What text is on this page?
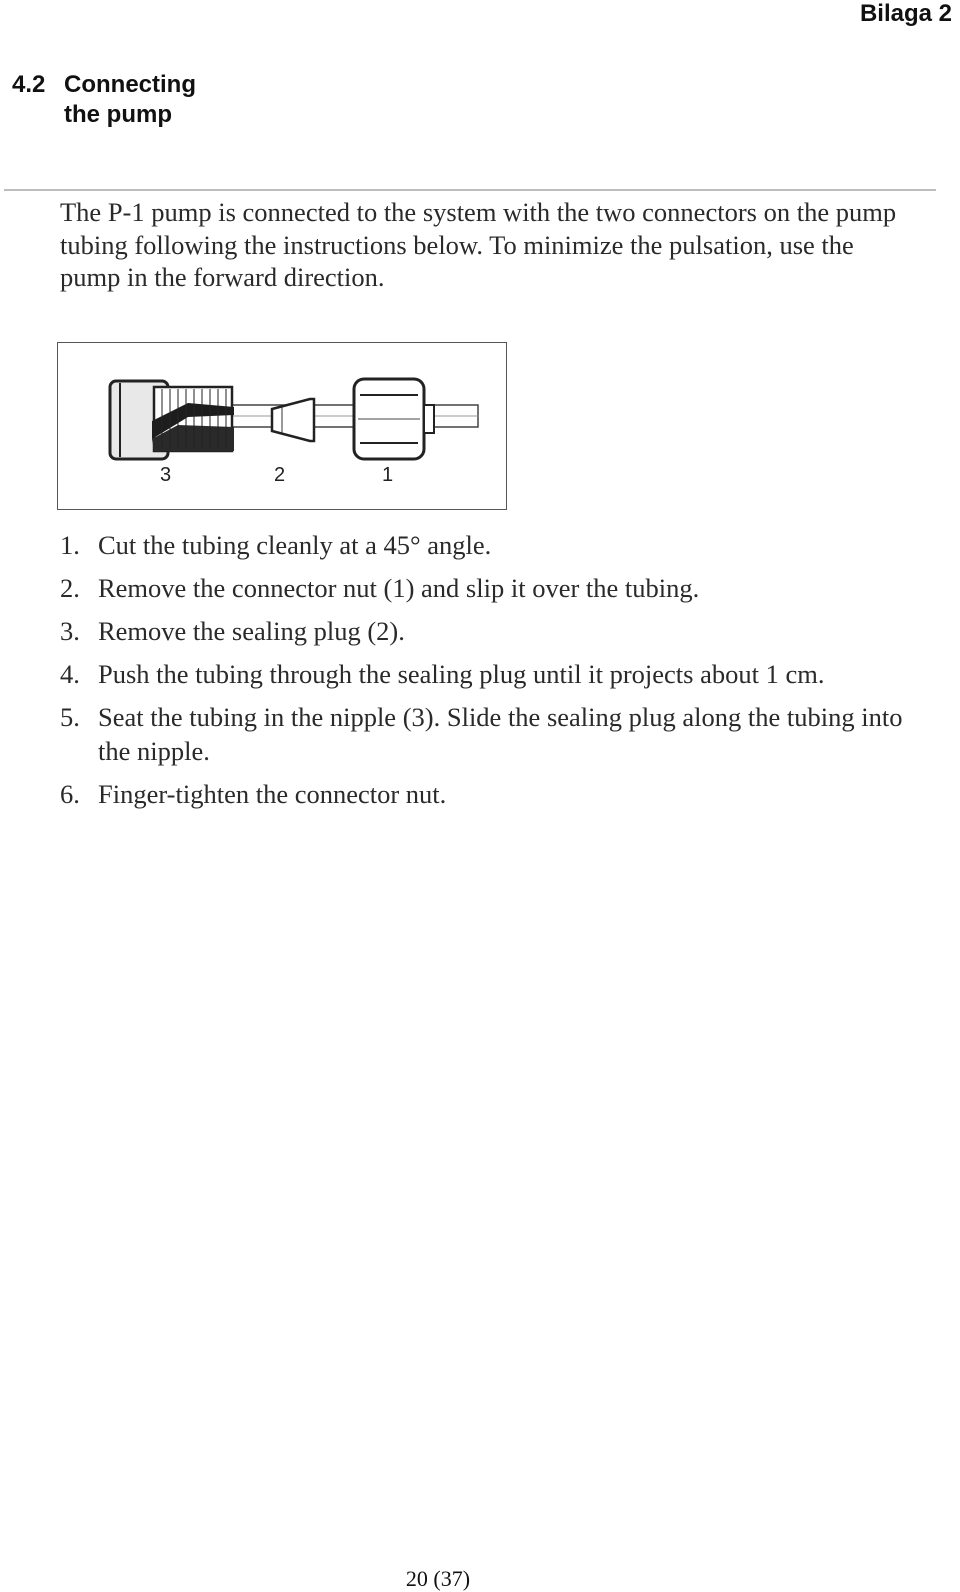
Bilaga 2
4.2 Connecting
the pump
The P-1 pump is connected to the system with the two connectors on the pump tubing following the instructions below. To minimize the pulsation, use the pump in the forward direction.
3	2	1
1. Cut the tubing cleanly at a 45° angle.
2. Remove the connector nut (1) and slip it over the tubing.
3. Remove the sealing plug (2).
4. Push the tubing through the sealing plug until it projects about 1 cm.
5. Seat the tubing in the nipple (3). Slide the sealing plug along the tubing into the nipple.
6. Finger-tighten the connector nut.
20 (37)
